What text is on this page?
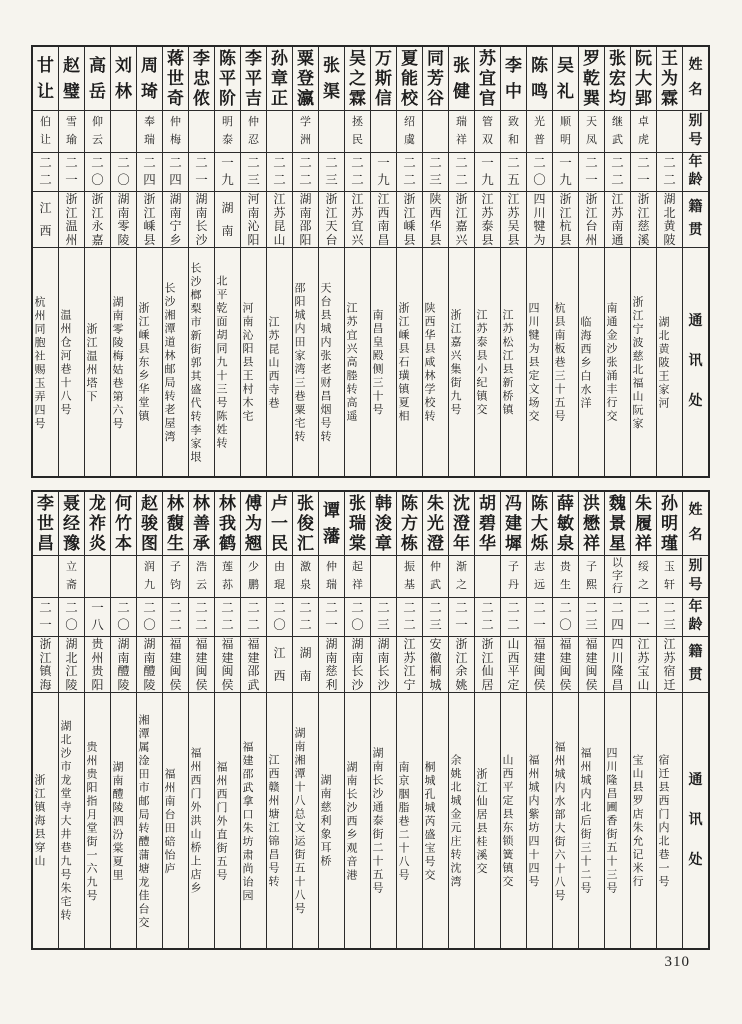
姓
名
别
号
年
龄
籍
贯
通
讯
处
王
为
霖
二
二
湖
北
黄
陂
湖北黄陂王家河
阮
大
郢
卓
虎
二
一
浙
江
慈
溪
浙江宁波慈北福山阮家
张
宏
均
继
武
二
二
江
苏
南
通
南通金沙张涌丰行交
罗
乾
巽
天
凤
二
一
浙
江
台
州
临海西乡白水洋
吴
礼
顺
明
一
九
浙
江
杭
县
杭县南板巷三十五号
陈
鸣
光
普
二
〇
四
川
犍
为
四川犍为县定文场交
李
中
致
和
二
五
江
苏
吴
县
江苏松江县新桥镇
苏
宜
官
管
双
一
九
江
苏
泰
县
江苏泰县小纪镇交
张
健
瑞
祥
二
二
浙
江
嘉
兴
浙江嘉兴集街九号
同
芳
谷
二
三
陕
西
华
县
陕西华县咸林学校转
夏
能
校
绍
虞
二
二
浙
江
嵊
县
浙江嵊县石璜镇夏相
万
斯
信
一
九
江
西
南
昌
南昌皇殿侧三十号
吴
之
霖
拯
民
二
二
江
苏
宜
兴
江苏宜兴高塍转高遥
张
渠
二
三
浙
江
天
台
天台县城内张老财昌烟号转
粟
登
瀛
学
洲
二
二
湖
南
邵
阳
邵阳城内田家湾三巷粟宅转
孙
章
正
二
二
江
苏
昆
山
江苏昆山西寺巷
李
平
吉
仲
忍
二
三
河
南
沁
阳
河南沁阳县王村木宅
陈
平
阶
明
泰
一
九
湖
南
北平乾面胡同九十三号陈姓转
李
忠
侬
二
一
湖
南
长
沙
长沙榔梨市新街郭其盛代转李家垠
蒋
世
奇
仲
梅
二
四
湖
南
宁
乡
长沙湘潭道林邮局转老屋湾
周
琦
奉
瑞
二
四
浙
江
嵊
县
浙江嵊县东乡华堂镇
刘
林
二
〇
湖
南
零
陵
湖南零陵梅姑巷第六号
高
岳
仰
云
二
〇
浙
江
永
嘉
浙江温州塔下
赵
璧
雪
瑜
二
一
浙
江
温
州
温州仓河巷十八号
甘
让
伯
让
二
二
江
西
杭州同胞社赐玉弄四号
姓
名
别
号
年
龄
籍
贯
通
讯
处
孙
明
瑾
玉
轩
二
三
江
苏
宿
迁
宿迁县西门内北巷一号
朱
履
祥
绥
之
二
一
江
苏
宝
山
宝山县罗店朱允记米行
魏
景
星
以
字
行
二
四
四
川
隆
昌
四川隆昌圃香街五十三号
洪
懋
祥
子
熙
二
三
福
建
闽
侯
福州城内北后街三十二号
薛
敏
泉
贵
生
二
〇
福
建
闽
侯
福州城内水部大街六十八号
陈
大
烁
志
远
二
一
福
建
闽
侯
福州城内紫坊四十四号
冯
建
墀
子
丹
二
二
山
西
平
定
山西平定县东锁簧镇交
胡
碧
华
二
二
浙
江
仙
居
浙江仙居县桂溪交
沈
澄
年
渐
之
二
一
浙
江
余
姚
余姚北城金元庄转沈湾
朱
光
澄
仲
武
二
三
安
徽
桐
城
桐城孔城芮盛宝号交
陈
方
栋
振
基
二
二
江
苏
江
宁
南京胭脂巷二十八号
韩
浚
章
二
三
湖
南
长
沙
湖南长沙通泰街二十五号
张
瑞
棠
起
祥
二
〇
湖
南
长
沙
湖南长沙西乡观音港
谭
藩
仲
瑞
二
一
湖
南
慈
利
湖南慈利象耳桥
张
俊
汇
激
泉
二
二
湖
南
湖南湘潭十八总文运街五十八号
卢
一
民
由
琨
二
〇
江
西
江西赣州塘江锦昌号转
傅
为
翘
少
鹏
二
二
福
建
邵
武
福建邵武拿口朱坊肃尚诒园
林
我
鹤
莲
荪
二
二
福
建
闽
侯
福州西门外直街五号
林
善
承
浩
云
二
二
福
建
闽
侯
福州西门外洪山桥上店乡
林
馥
生
子
钧
二
二
福
建
闽
侯
福州南台田碚怡庐
赵
骏
图
润
九
二
〇
湖
南
醴
陵
湘潭属淦田市邮局转醴蒲塘龙佳台交
何
竹
本
二
〇
湖
南
醴
陵
湖南醴陵泗汾棠夏里
龙
祚
炎
一
八
贵
州
贵
阳
贵州贵阳指月堂街一六九号
聂
经
豫
立
斋
二
〇
湖
北
江
陵
湖北沙市龙堂寺大井巷九号朱宅转
李
世
昌
二
一
浙
江
镇
海
浙江镇海县穿山
310
